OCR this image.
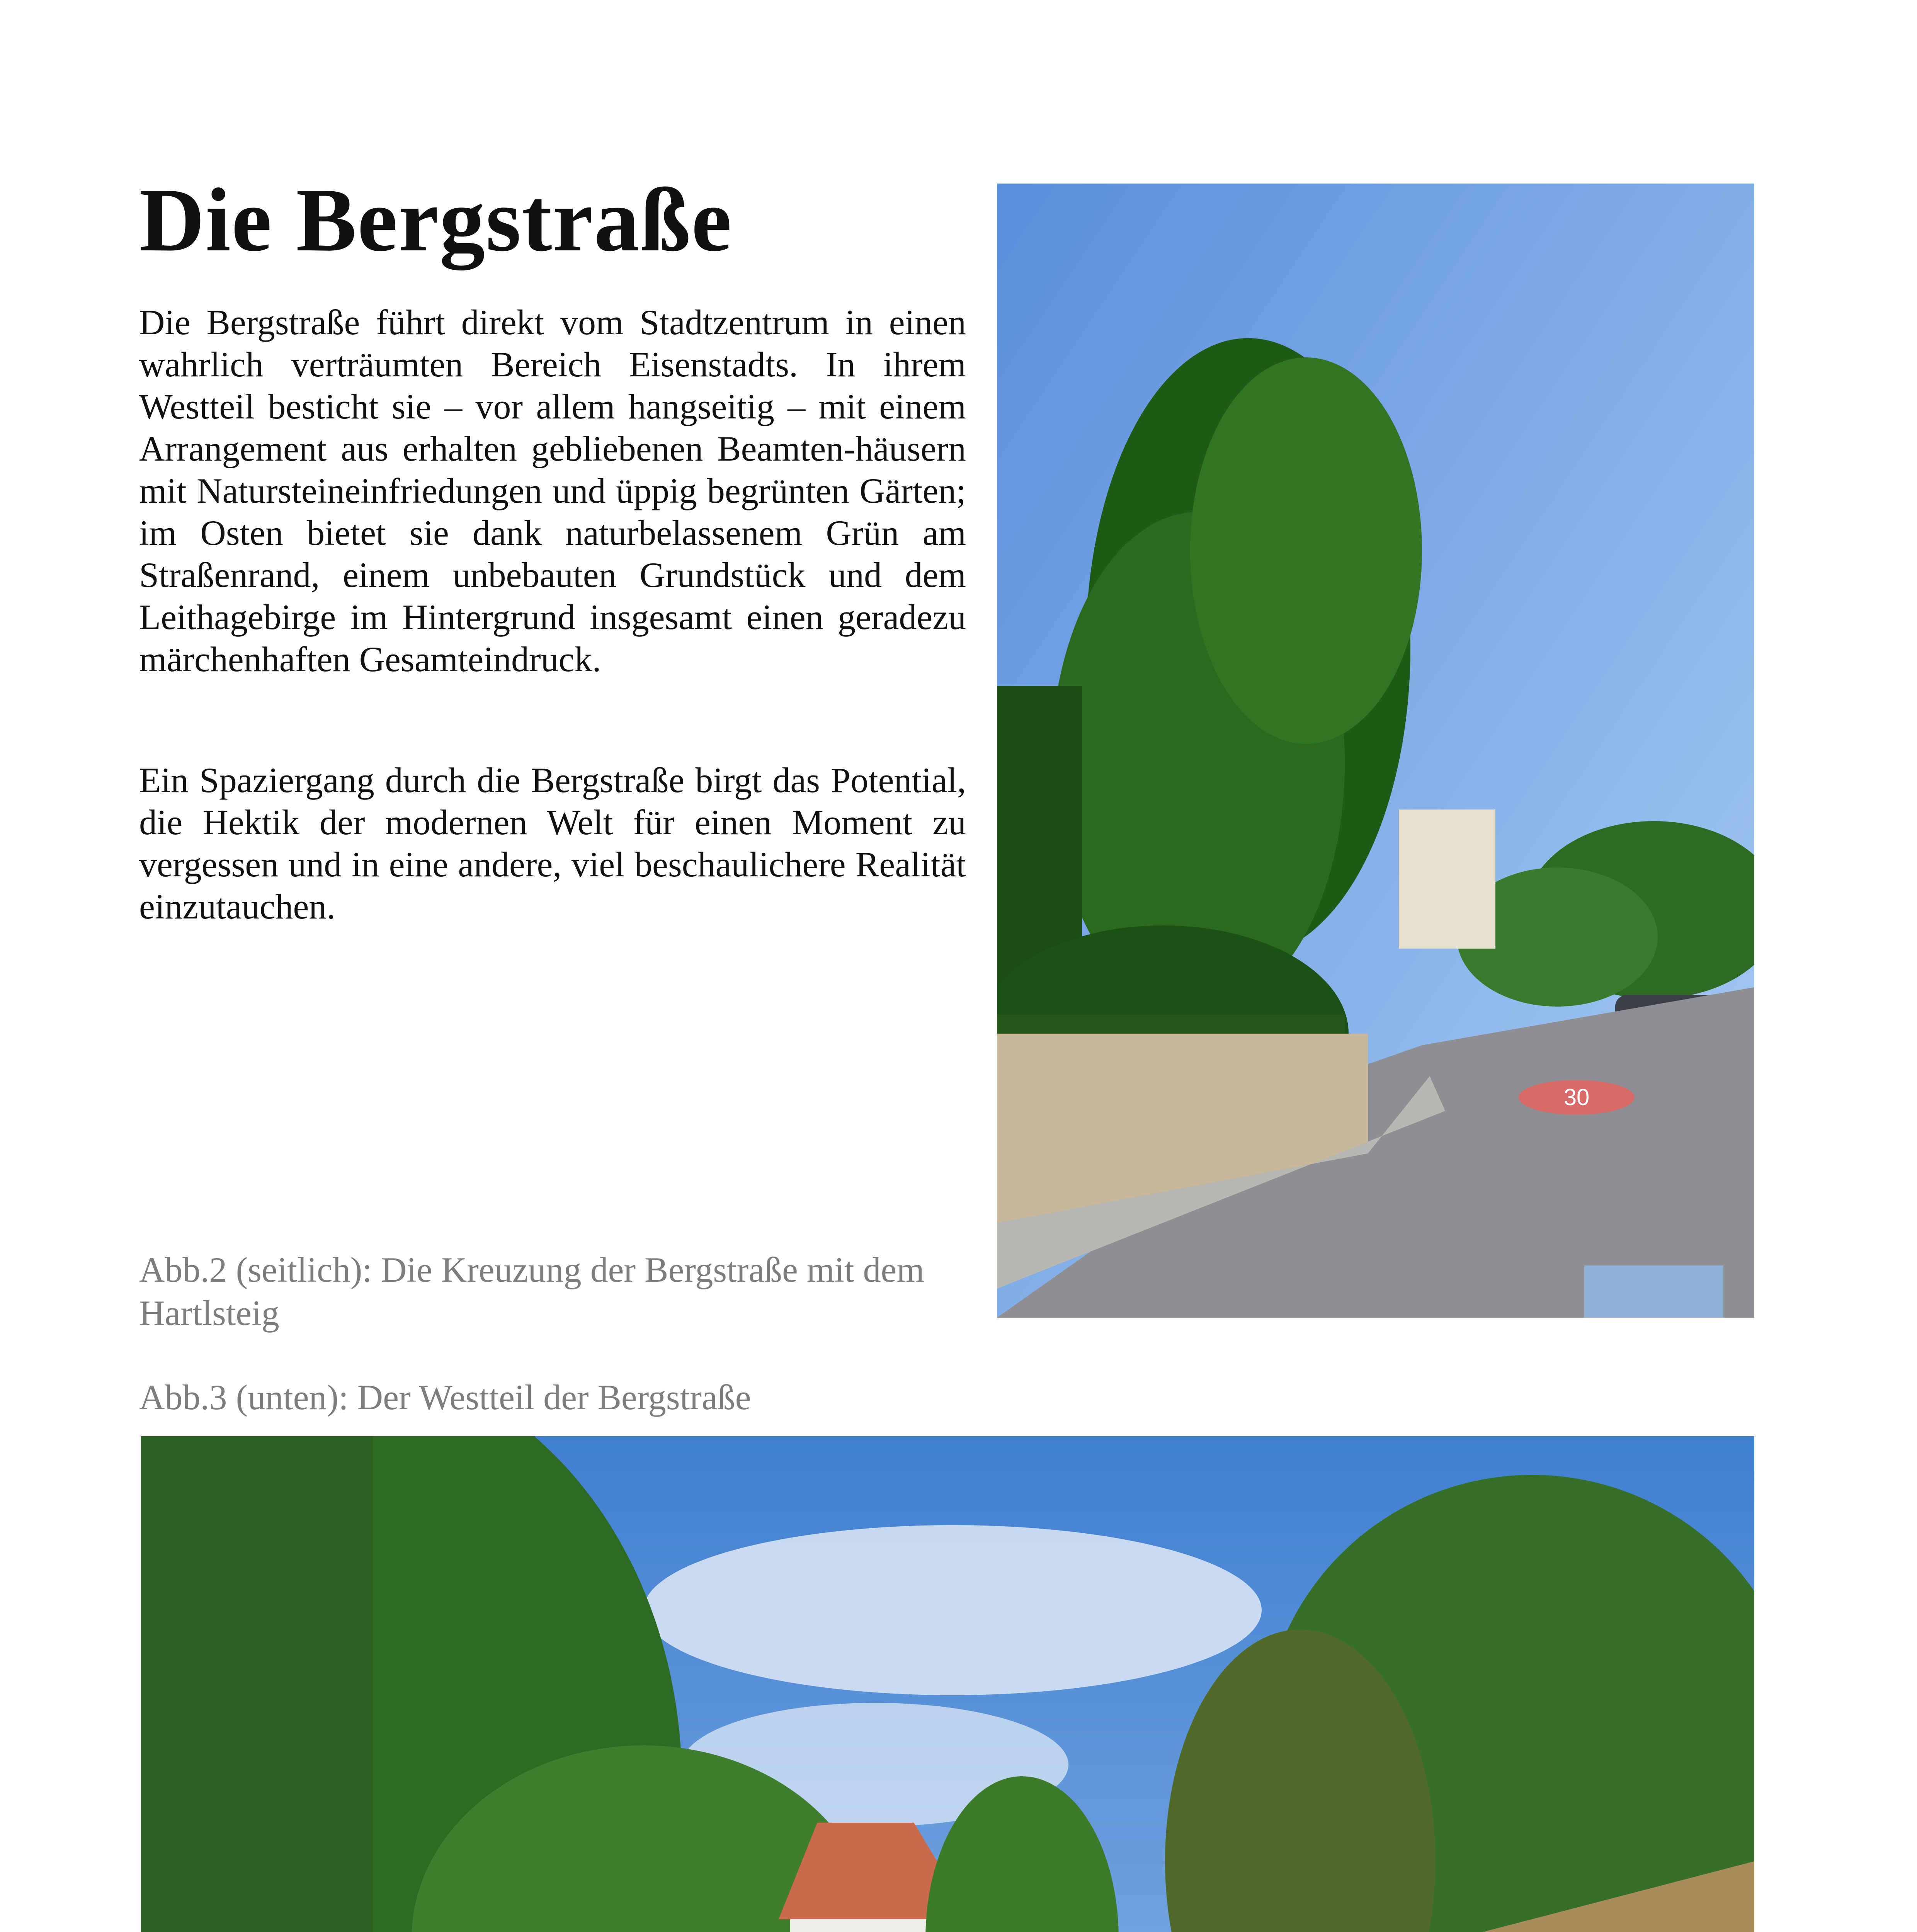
Die Bergstraße

Die Bergstraße führt direkt vom Stadtzentrum in einen wahrlich verträumten Bereich Eisenstadts. In ihrem Westteil besticht sie – vor allem hangseitig – mit einem Arrangement aus erhalten gebliebenen Beamten-häusern mit Natursteineinfriedungen und üppig begrünten Gärten; im Osten bietet sie dank naturbelassenem Grün am Straßenrand, einem unbebauten Grundstück und dem Leithagebirge im Hintergrund insgesamt einen geradezu märchenhaften Gesamteindruck.

Ein Spaziergang durch die Bergstraße birgt das Potential, die Hektik der modernen Welt für einen Moment zu vergessen und in eine andere, viel beschaulichere Realität einzutauchen.

30

Abb.2 (seitlich): Die Kreuzung der Bergstraße mit dem Hartlsteig

Abb.3 (unten): Der Westteil der Bergstraße
